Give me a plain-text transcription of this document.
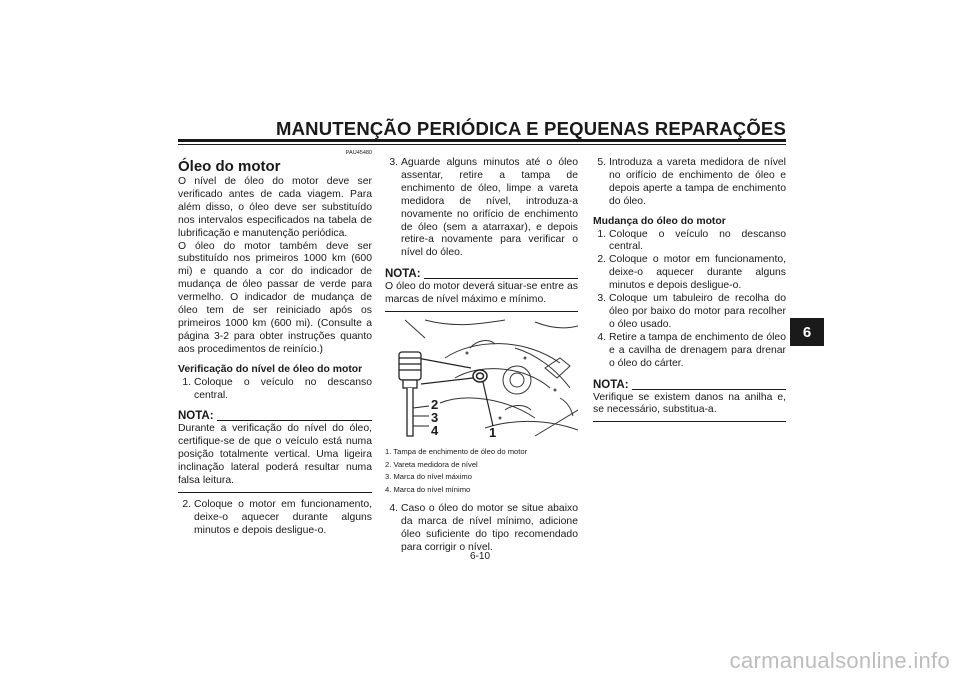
MANUTENÇÃO PERIÓDICA E PEQUENAS REPARAÇÕES
6
PAU45480
Óleo do motor

O nível de óleo do motor deve ser verificado antes de cada viagem. Para além disso, o óleo deve ser substituído nos intervalos especificados na tabela de lubrificação e manutenção periódica.

O óleo do motor também deve ser substituído nos primeiros 1000 km (600 mi) e quando a cor do indicador de mudança de óleo passar de verde para vermelho. O indicador de mudança de óleo tem de ser reiniciado após os primeiros 1000 km (600 mi). (Consulte a página 3-2 para obter instruções quanto aos procedimentos de reinício.)

Verificação do nível de óleo do motor
1. Coloque o veículo no descanso central.
NOTA:

Durante a verificação do nível do óleo, certifique-se de que o veículo está numa posição totalmente vertical. Uma ligeira inclinação lateral poderá resultar numa falsa leitura.

2. Coloque o motor em funcionamento, deixe-o aquecer durante alguns minutos e depois desligue-o.
3. Aguarde alguns minutos até o óleo assentar, retire a tampa de enchimento de óleo, limpe a vareta medidora de nível, introduza-a novamente no orifício de enchimento de óleo (sem a atarraxar), e depois retire-a novamente para verificar o nível do óleo.
NOTA:

O óleo do motor deverá situar-se entre as marcas de nível máximo e mínimo.

2
3
4	1
1. Tampa de enchimento de óleo do motor
2. Vareta medidora de nível
3. Marca do nível máximo
4. Marca do nível mínimo
4. Caso o óleo do motor se situe abaixo da marca de nível mínimo, adicione óleo suficiente do tipo recomendado para corrigir o nível.
5. Introduza a vareta medidora de nível no orifício de enchimento de óleo e depois aperte a tampa de enchimento do óleo.
Mudança do óleo do motor
1. Coloque o veículo no descanso central.
2. Coloque o motor em funcionamento, deixe-o aquecer durante alguns minutos e depois desligue-o.
3. Coloque um tabuleiro de recolha do óleo por baixo do motor para recolher o óleo usado.
4. Retire a tampa de enchimento de óleo e a cavilha de drenagem para drenar o óleo do cárter.
NOTA:

Verifique se existem danos na anilha e, se necessário, substitua-a.

6-10
carmanualsonline.info
